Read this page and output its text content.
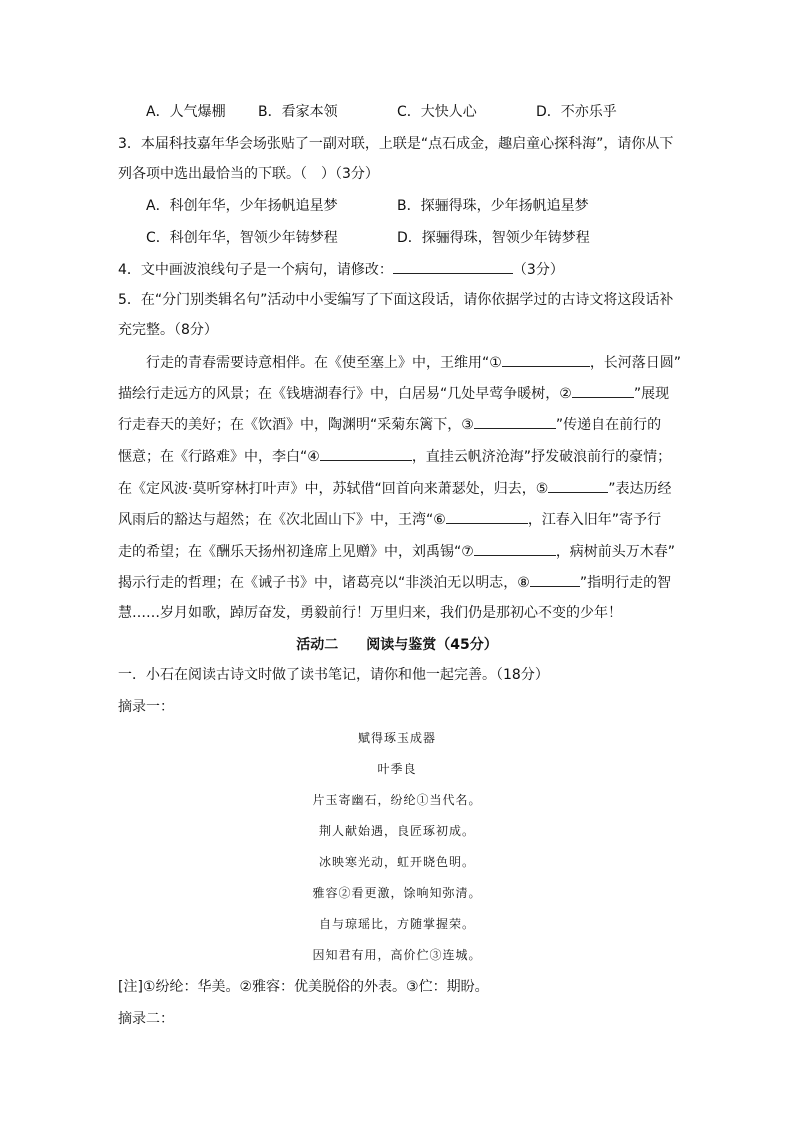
A．人气爆棚 B．看家本领	C．大快人心	D．不亦乐乎
3．本届科技嘉年华会场张贴了一副对联，上联是“点石成金，趣启童心探科海”，请你从下
列各项中选出最恰当的下联。（　）（3分）
A．科创年华，少年扬帆追星梦	B．探骊得珠，少年扬帆追星梦
C．科创年华，智领少年铸梦程	D．探骊得珠，智领少年铸梦程
4．文中画波浪线句子是一个病句，请修改：	（3分）
5．在“分门别类辑名句”活动中小雯编写了下面这段话，请你依据学过的古诗文将这段话补
充完整。（8分）
行走的青春需要诗意相伴。在《使至塞上》中，王维用“①	，长河落日圆”
描绘行走远方的风景；在《钱塘湖春行》中，白居易“几处早莺争暖树，②	”展现
行走春天的美好；在《饮酒》中，陶渊明“采菊东篱下，③	”传递自在前行的
惬意；在《行路难》中，李白“④	，直挂云帆济沧海”抒发破浪前行的豪情；
在《定风波·莫听穿林打叶声》中，苏轼借“回首向来萧瑟处，归去，⑤	”表达历经
风雨后的豁达与超然；在《次北固山下》中，王湾“⑥	，江春入旧年”寄予行
走的希望；在《酬乐天扬州初逢席上见赠》中，刘禹锡“⑦	，病树前头万木春”
揭示行走的哲理；在《诫子书》中，诸葛亮以“非淡泊无以明志，⑧	”指明行走的智
慧……岁月如歌，踔厉奋发，勇毅前行！万里归来，我们仍是那初心不变的少年！
活动二　　阅读与鉴赏（45分）
一．小石在阅读古诗文时做了读书笔记，请你和他一起完善。（18分）
摘录一：
赋得琢玉成器
叶季良
片玉寄幽石，纷纶①当代名。
荆人献始遇，良匠琢初成。
冰映寒光动，虹开晓色明。
雅容②看更激，馀响知弥清。
自与琼瑶比，方随掌握荣。
因知君有用，高价伫③连城。
[注]①纷纶：华美。②雅容：优美脱俗的外表。③伫：期盼。
摘录二：
